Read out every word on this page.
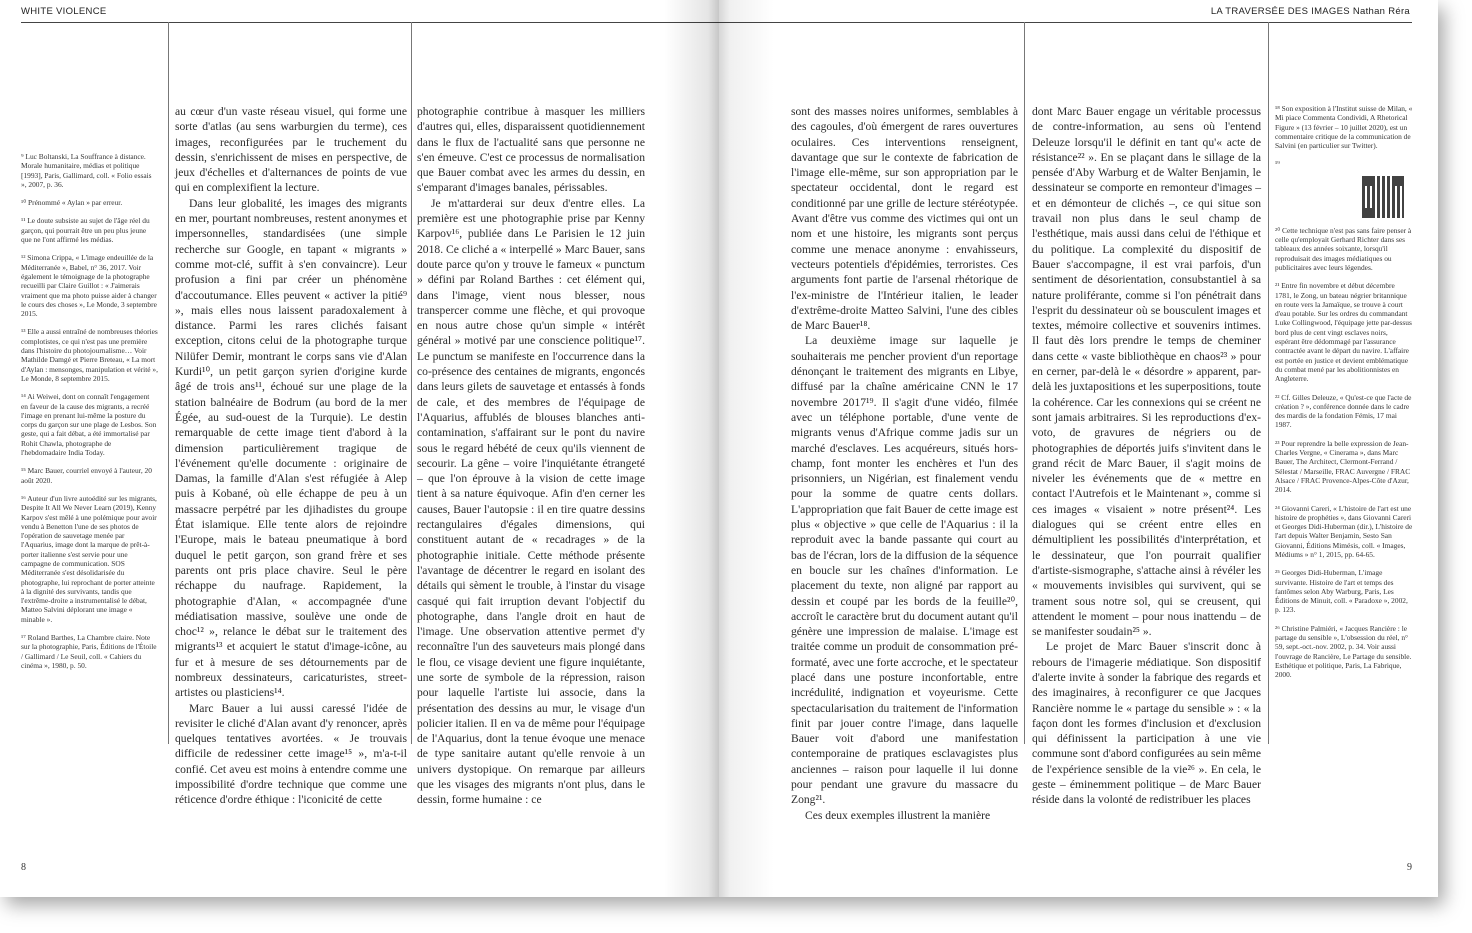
WHITE VIOLENCE

⁹ Luc Boltanski, La Souffrance à distance. Morale humanitaire, médias et politique [1993], Paris, Gallimard, coll. « Folio essais », 2007, p. 36.

¹⁰ Prénommé « Aylan » par erreur.

¹¹ Le doute subsiste au sujet de l'âge réel du garçon, qui pourrait être un peu plus jeune que ne l'ont affirmé les médias.

¹² Simona Crippa, « L'image endeuillée de la Méditerranée », Babel, n° 36, 2017. Voir également le témoignage de la photographe recueilli par Claire Guillot : « J'aimerais vraiment que ma photo puisse aider à changer le cours des choses », Le Monde, 3 septembre 2015.

¹³ Elle a aussi entraîné de nombreuses théories complotistes, ce qui n'est pas une première dans l'histoire du photojournalisme… Voir Mathilde Damgé et Pierre Breteau, « La mort d'Aylan : mensonges, manipulation et vérité », Le Monde, 8 septembre 2015.

¹⁴ Ai Weiwei, dont on connaît l'engagement en faveur de la cause des migrants, a recréé l'image en prenant lui-même la posture du corps du garçon sur une plage de Lesbos. Son geste, qui a fait débat, a été immortalisé par Rohit Chawla, photographe de l'hebdomadaire India Today.

¹⁵ Marc Bauer, courriel envoyé à l'auteur, 20 août 2020.

¹⁶ Auteur d'un livre autoédité sur les migrants, Despite It All We Never Learn (2019), Kenny Karpov s'est mêlé à une polémique pour avoir vendu à Benetton l'une de ses photos de l'opération de sauvetage menée par l'Aquarius, image dont la marque de prêt-à-porter italienne s'est servie pour une campagne de communication. SOS Méditerranée s'est désolidarisée du photographe, lui reprochant de porter atteinte à la dignité des survivants, tandis que l'extrême-droite a instrumentalisé le débat, Matteo Salvini déplorant une image « minable ».

¹⁷ Roland Barthes, La Chambre claire. Note sur la photographie, Paris, Éditions de l'Étoile / Gallimard / Le Seuil, coll. « Cahiers du cinéma », 1980, p. 50.

au cœur d'un vaste réseau visuel, qui forme une sorte d'atlas (au sens warburgien du terme), ces images, reconfigurées par le truchement du dessin, s'enrichissent de mises en perspective, de jeux d'échelles et d'alternances de points de vue qui en complexifient la lecture.

Dans leur globalité, les images des migrants en mer, pourtant nombreuses, restent anonymes et impersonnelles, standardisées (une simple recherche sur Google, en tapant « migrants » comme mot-clé, suffit à s'en convaincre). Leur profusion a fini par créer un phénomène d'accoutumance. Elles peuvent « activer la pitié⁹ », mais elles nous laissent paradoxalement à distance. Parmi les rares clichés faisant exception, citons celui de la photographe turque Nilüfer Demir, montrant le corps sans vie d'Alan Kurdi¹⁰, un petit garçon syrien d'origine kurde âgé de trois ans¹¹, échoué sur une plage de la station balnéaire de Bodrum (au bord de la mer Égée, au sud-ouest de la Turquie). Le destin remarquable de cette image tient d'abord à la dimension particulièrement tragique de l'événement qu'elle documente : originaire de Damas, la famille d'Alan s'est réfugiée à Alep puis à Kobané, où elle échappe de peu à un massacre perpétré par les djihadistes du groupe État islamique. Elle tente alors de rejoindre l'Europe, mais le bateau pneumatique à bord duquel le petit garçon, son grand frère et ses parents ont pris place chavire. Seul le père réchappe du naufrage. Rapidement, la photographie d'Alan, « accompagnée d'une médiatisation massive, soulève une onde de choc¹² », relance le débat sur le traitement des migrants¹³ et acquiert le statut d'image-icône, au fur et à mesure de ses détournements par de nombreux dessinateurs, caricaturistes, street-artistes ou plasticiens¹⁴.

Marc Bauer a lui aussi caressé l'idée de revisiter le cliché d'Alan avant d'y renoncer, après quelques tentatives avortées. « Je trouvais difficile de redessiner cette image¹⁵ », m'a-t-il confié. Cet aveu est moins à entendre comme une impossibilité d'ordre technique que comme une réticence d'ordre éthique : l'iconicité de cette

photographie contribue à masquer les milliers d'autres qui, elles, disparaissent quotidiennement dans le flux de l'actualité sans que personne ne s'en émeuve. C'est ce processus de normalisation que Bauer combat avec les armes du dessin, en s'emparant d'images banales, périssables.

Je m'attarderai sur deux d'entre elles. La première est une photographie prise par Kenny Karpov¹⁶, publiée dans Le Parisien le 12 juin 2018. Ce cliché a « interpellé » Marc Bauer, sans doute parce qu'on y trouve le fameux « punctum » défini par Roland Barthes : cet élément qui, dans l'image, vient nous blesser, nous transpercer comme une flèche, et qui provoque en nous autre chose qu'un simple « intérêt général » motivé par une conscience politique¹⁷. Le punctum se manifeste en l'occurrence dans la co-présence des centaines de migrants, engoncés dans leurs gilets de sauvetage et entassés à fonds de cale, et des membres de l'équipage de l'Aquarius, affublés de blouses blanches anti-contamination, s'affairant sur le pont du navire sous le regard hébété de ceux qu'ils viennent de secourir. La gêne – voire l'inquiétante étrangeté – que l'on éprouve à la vision de cette image tient à sa nature équivoque. Afin d'en cerner les causes, Bauer l'autopsie : il en tire quatre dessins rectangulaires d'égales dimensions, qui constituent autant de « recadrages » de la photographie initiale. Cette méthode présente l'avantage de décentrer le regard en isolant des détails qui sèment le trouble, à l'instar du visage casqué qui fait irruption devant l'objectif du photographe, dans l'angle droit en haut de l'image. Une observation attentive permet d'y reconnaître l'un des sauveteurs mais plongé dans le flou, ce visage devient une figure inquiétante, une sorte de symbole de la répression, raison pour laquelle l'artiste lui associe, dans la présentation des dessins au mur, le visage d'un policier italien. Il en va de même pour l'équipage de l'Aquarius, dont la tenue évoque une menace de type sanitaire autant qu'elle renvoie à un univers dystopique. On remarque par ailleurs que les visages des migrants n'ont plus, dans le dessin, forme humaine : ce

8
LA TRAVERSÉE DES IMAGES Nathan Réra

sont des masses noires uniformes, semblables à des cagoules, d'où émergent de rares ouvertures oculaires. Ces interventions renseignent, davantage que sur le contexte de fabrication de l'image elle-même, sur son appropriation par le spectateur occidental, dont le regard est conditionné par une grille de lecture stéréotypée. Avant d'être vus comme des victimes qui ont un nom et une histoire, les migrants sont perçus comme une menace anonyme : envahisseurs, vecteurs potentiels d'épidémies, terroristes. Ces arguments font partie de l'arsenal rhétorique de l'ex-ministre de l'Intérieur italien, le leader d'extrême-droite Matteo Salvini, l'une des cibles de Marc Bauer¹⁸.

La deuxième image sur laquelle je souhaiterais me pencher provient d'un reportage dénonçant le traitement des migrants en Libye, diffusé par la chaîne américaine CNN le 17 novembre 2017¹⁹. Il s'agit d'une vidéo, filmée avec un téléphone portable, d'une vente de migrants venus d'Afrique comme jadis sur un marché d'esclaves. Les acquéreurs, situés hors-champ, font monter les enchères et l'un des prisonniers, un Nigérian, est finalement vendu pour la somme de quatre cents dollars. L'appropriation que fait Bauer de cette image est plus « objective » que celle de l'Aquarius : il la reproduit avec la bande passante qui court au bas de l'écran, lors de la diffusion de la séquence en boucle sur les chaînes d'information. Le placement du texte, non aligné par rapport au dessin et coupé par les bords de la feuille²⁰, accroît le caractère brut du document autant qu'il génère une impression de malaise. L'image est traitée comme un produit de consommation pré-formaté, avec une forte accroche, et le spectateur placé dans une posture inconfortable, entre incrédulité, indignation et voyeurisme. Cette spectacularisation du traitement de l'information finit par jouer contre l'image, dans laquelle Bauer voit d'abord une manifestation contemporaine de pratiques esclavagistes plus anciennes – raison pour laquelle il lui donne pour pendant une gravure du massacre du Zong²¹.

Ces deux exemples illustrent la manière

dont Marc Bauer engage un véritable processus de contre-information, au sens où l'entend Deleuze lorsqu'il le définit en tant qu'« acte de résistance²² ». En se plaçant dans le sillage de la pensée d'Aby Warburg et de Walter Benjamin, le dessinateur se comporte en remonteur d'images – et en démonteur de clichés –, ce qui situe son travail non plus dans le seul champ de l'esthétique, mais aussi dans celui de l'éthique et du politique. La complexité du dispositif de Bauer s'accompagne, il est vrai parfois, d'un sentiment de désorientation, consubstantiel à sa nature proliférante, comme si l'on pénétrait dans l'esprit du dessinateur où se bousculent images et textes, mémoire collective et souvenirs intimes. Il faut dès lors prendre le temps de cheminer dans cette « vaste bibliothèque en chaos²³ » pour en cerner, par-delà le « désordre » apparent, par-delà les juxtapositions et les superpositions, toute la cohérence. Car les connexions qui se créent ne sont jamais arbitraires. Si les reproductions d'ex-voto, de gravures de négriers ou de photographies de déportés juifs s'invitent dans le grand récit de Marc Bauer, il s'agit moins de niveler les événements que de « mettre en contact l'Autrefois et le Maintenant », comme si ces images « visaient » notre présent²⁴. Les dialogues qui se créent entre elles en démultiplient les possibilités d'interprétation, et le dessinateur, que l'on pourrait qualifier d'artiste-sismographe, s'attache ainsi à révéler les « mouvements invisibles qui survivent, qui se trament sous notre sol, qui se creusent, qui attendent le moment – pour nous inattendu – de se manifester soudain²⁵ ».

Le projet de Marc Bauer s'inscrit donc à rebours de l'imagerie médiatique. Son dispositif d'alerte invite à sonder la fabrique des regards et des imaginaires, à reconfigurer ce que Jacques Rancière nomme le « partage du sensible » : « la façon dont les formes d'inclusion et d'exclusion qui définissent la participation à une vie commune sont d'abord configurées au sein même de l'expérience sensible de la vie²⁶ ». En cela, le geste – éminemment politique – de Marc Bauer réside dans la volonté de redistribuer les places

¹⁸ Son exposition à l'Institut suisse de Milan, « Mi piace Commenta Condividi, A Rhetorical Figure » (13 février – 10 juillet 2020), est un commentaire critique de la communication de Salvini (en particulier sur Twitter).

¹⁹

²⁰ Cette technique n'est pas sans faire penser à celle qu'employait Gerhard Richter dans ses tableaux des années soixante, lorsqu'il reproduisait des images médiatiques ou publicitaires avec leurs légendes.

²¹ Entre fin novembre et début décembre 1781, le Zong, un bateau négrier britannique en route vers la Jamaïque, se trouve à court d'eau potable. Sur les ordres du commandant Luke Collingwood, l'équipage jette par-dessus bord plus de cent vingt esclaves noirs, espérant être dédommagé par l'assurance contractée avant le départ du navire. L'affaire est portée en justice et devient emblématique du combat mené par les abolitionnistes en Angleterre.

²² Cf. Gilles Deleuze, « Qu'est-ce que l'acte de création ? », conférence donnée dans le cadre des mardis de la fondation Fémis, 17 mai 1987.

²³ Pour reprendre la belle expression de Jean-Charles Vergne, « Cinerama », dans Marc Bauer, The Architect, Clermont-Ferrand / Sélestat / Marseille, FRAC Auvergne / FRAC Alsace / FRAC Provence-Alpes-Côte d'Azur, 2014.

²⁴ Giovanni Careri, « L'histoire de l'art est une histoire de prophéties », dans Giovanni Careri et Georges Didi-Huberman (dir.), L'histoire de l'art depuis Walter Benjamin, Sesto San Giovanni, Éditions Mimésis, coll. « Images, Médiums » n° 1, 2015, pp. 64-65.

²⁵ Georges Didi-Huberman, L'image survivante. Histoire de l'art et temps des fantômes selon Aby Warburg, Paris, Les Éditions de Minuit, coll. « Paradoxe », 2002, p. 123.

²⁶ Christine Palmiéri, « Jacques Rancière : le partage du sensible », L'obsession du réel, n° 59, sept.-oct.-nov. 2002, p. 34. Voir aussi l'ouvrage de Rancière, Le Partage du sensible. Esthétique et politique, Paris, La Fabrique, 2000.

9
